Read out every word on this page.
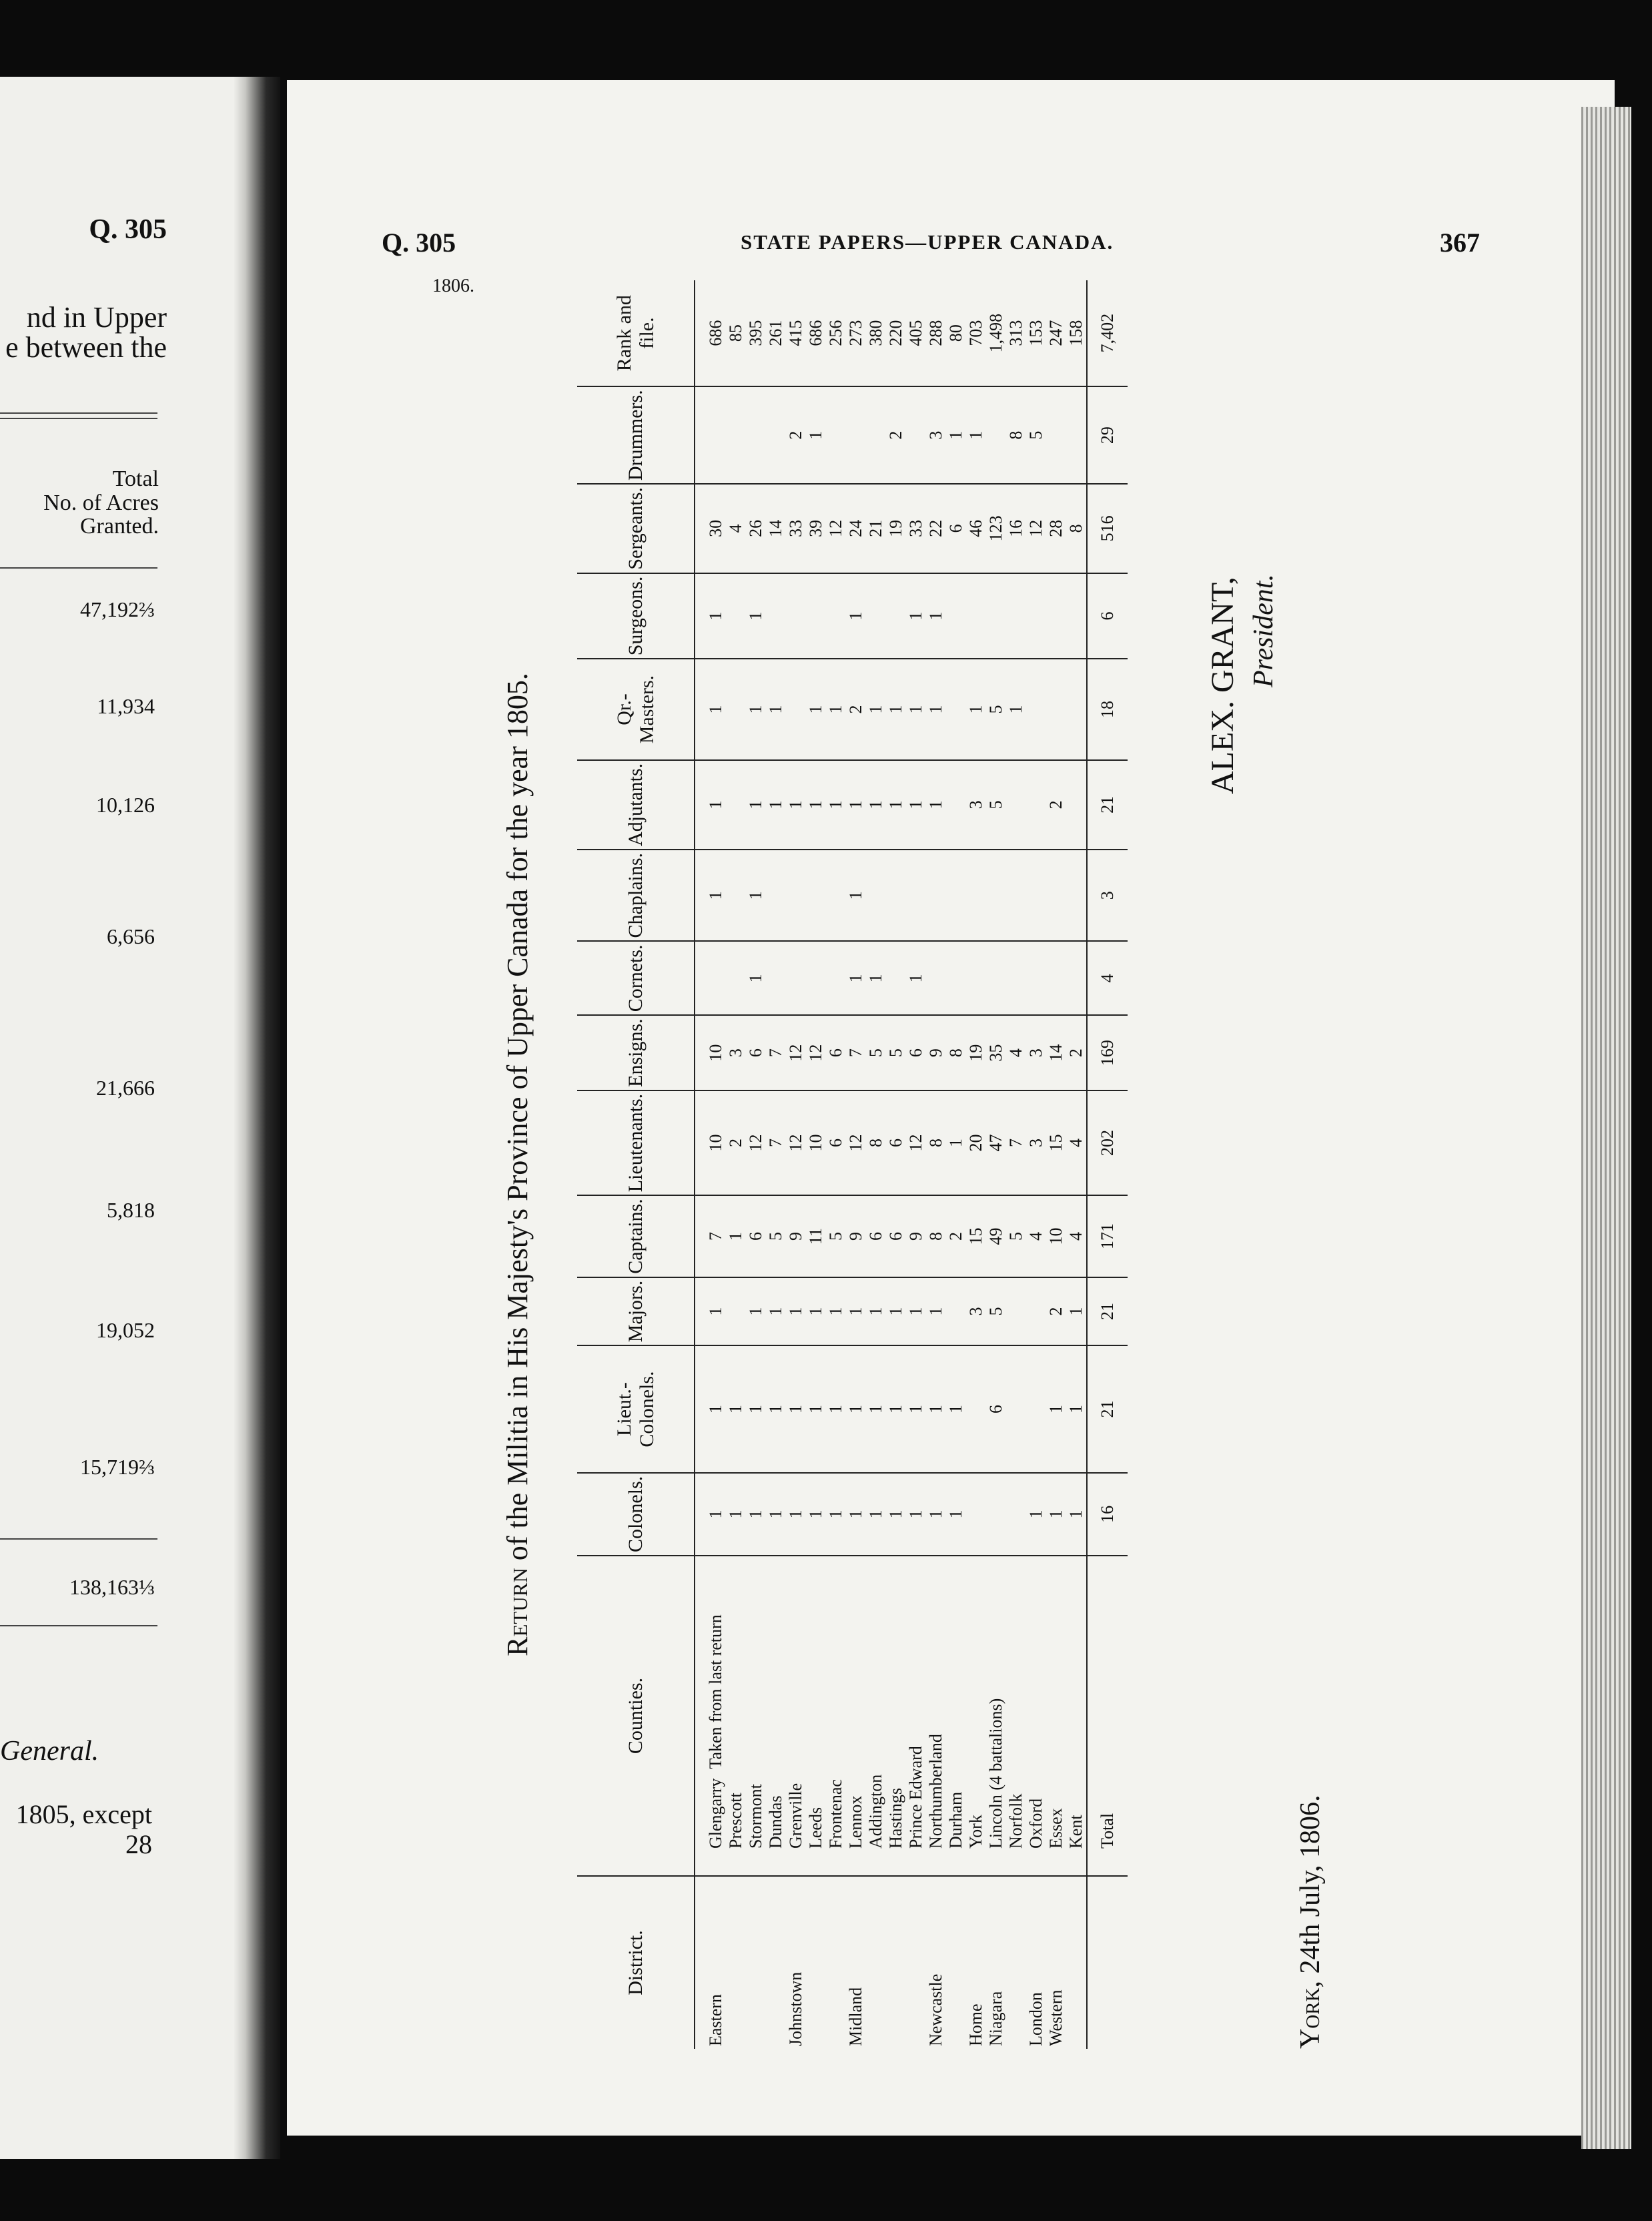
Q. 305
nd in Upper
e between the
Total
No. of Acres
Granted.
47,192⅔
11,934
10,126
6,656
21,666
5,818
19,052
15,719⅔
138,163⅓
General.
1805, except
28
Q. 305	STATE PAPERS—UPPER CANADA.	367
1806.
Return of the Militia in His Majesty's Province of Upper Canada for the year 1805.
District.	Counties.	Colonels.	Lieut.-Colonels.	Majors.	Captains.	Lieutenants.	Ensigns.	Cornets.	Chaplains.	Adjutants.	Qr.-Masters.	Surgeons.	Sergeants.	Drummers.	Rank and file.
Eastern	GlengarryTaken from last return	1	1	1	7	10	10		1	1	1	1	30		686
	Prescott	1	1		1	2	3						4		85
	Stormont	1	1	1	6	12	6	1	1	1	1	1	26		395
	Dundas	1	1	1	5	7	7			1	1		14		261
Johnstown	Grenville	1	1	1	9	12	12			1			33	2	415
	Leeds	1	1	1	11	10	12			1	1		39	1	686
	Frontenac	1	1	1	5	6	6			1	1		12		256
Midland	Lennox	1	1	1	9	12	7	1	1	1	2	1	24		273
	Addington	1	1	1	6	8	5	1		1	1		21		380
	Hastings	1	1	1	6	6	5			1	1		19	2	220
	Prince Edward	1	1	1	9	12	6	1		1	1	1	33		405
Newcastle	Northumberland	1	1	1	8	8	9			1	1	1	22	3	288
	Durham	1	1		2	1	8						6	1	80
Home	York			3	15	20	19			3	1		46	1	703
Niagara	Lincoln (4 battalions)		6	5	49	47	35			5	5		123		1,498
	Norfolk				5	7	4				1		16	8	313
London	Oxford	1			4	3	3						12	5	153
Western	Essex	1	1	2	10	15	14			2			28		247
	Kent	1	1	1	4	4	2						8		158
	Total	16	21	21	171	202	169	4	3	21	18	6	516	29	7,402
York, 24th July, 1806.
ALEX. GRANT, President.
